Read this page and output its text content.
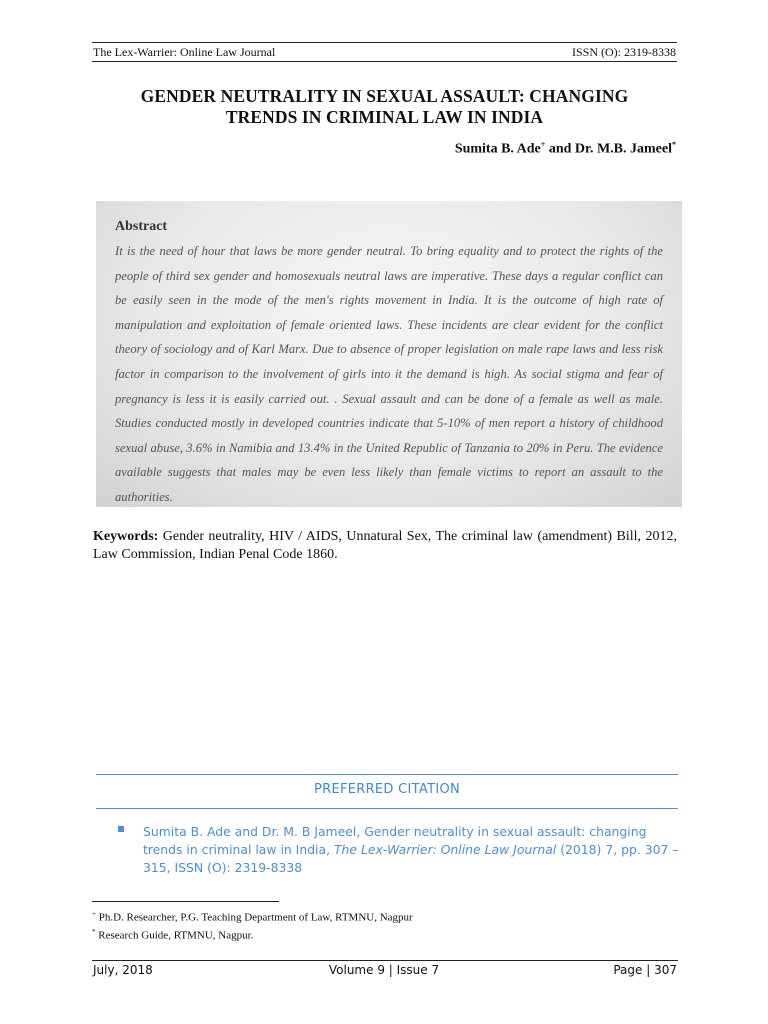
The Lex-Warrier: Online Law Journal	ISSN (O): 2319-8338
GENDER NEUTRALITY IN SEXUAL ASSAULT: CHANGING
TRENDS IN CRIMINAL LAW IN INDIA
Sumita B. Ade+ and Dr. M.B. Jameel*
Abstract
It is the need of hour that laws be more gender neutral. To bring equality and to protect the rights of the people of third sex gender and homosexuals neutral laws are imperative. These days a regular conflict can be easily seen in the mode of the men's rights movement in India. It is the outcome of high rate of manipulation and exploitation of female oriented laws. These incidents are clear evident for the conflict theory of sociology and of Karl Marx. Due to absence of proper legislation on male rape laws and less risk factor in comparison to the involvement of girls into it the demand is high. As social stigma and fear of pregnancy is less it is easily carried out. . Sexual assault and can be done of a female as well as male. Studies conducted mostly in developed countries indicate that 5-10% of men report a history of childhood sexual abuse, 3.6% in Namibia and 13.4% in the United Republic of Tanzania to 20% in Peru. The evidence available suggests that males may be even less likely than female victims to report an assault to the authorities.
Keywords: Gender neutrality, HIV / AIDS, Unnatural Sex, The criminal law (amendment) Bill, 2012, Law Commission, Indian Penal Code 1860.
PREFERRED CITATION
Sumita B. Ade and Dr. M. B Jameel, Gender neutrality in sexual assault: changing trends in criminal law in India, The Lex-Warrier: Online Law Journal (2018) 7, pp. 307 – 315, ISSN (O): 2319-8338
+ Ph.D. Researcher, P.G. Teaching Department of Law, RTMNU, Nagpur
* Research Guide, RTMNU, Nagpur.
July, 2018	Volume 9 | Issue 7	Page | 307
